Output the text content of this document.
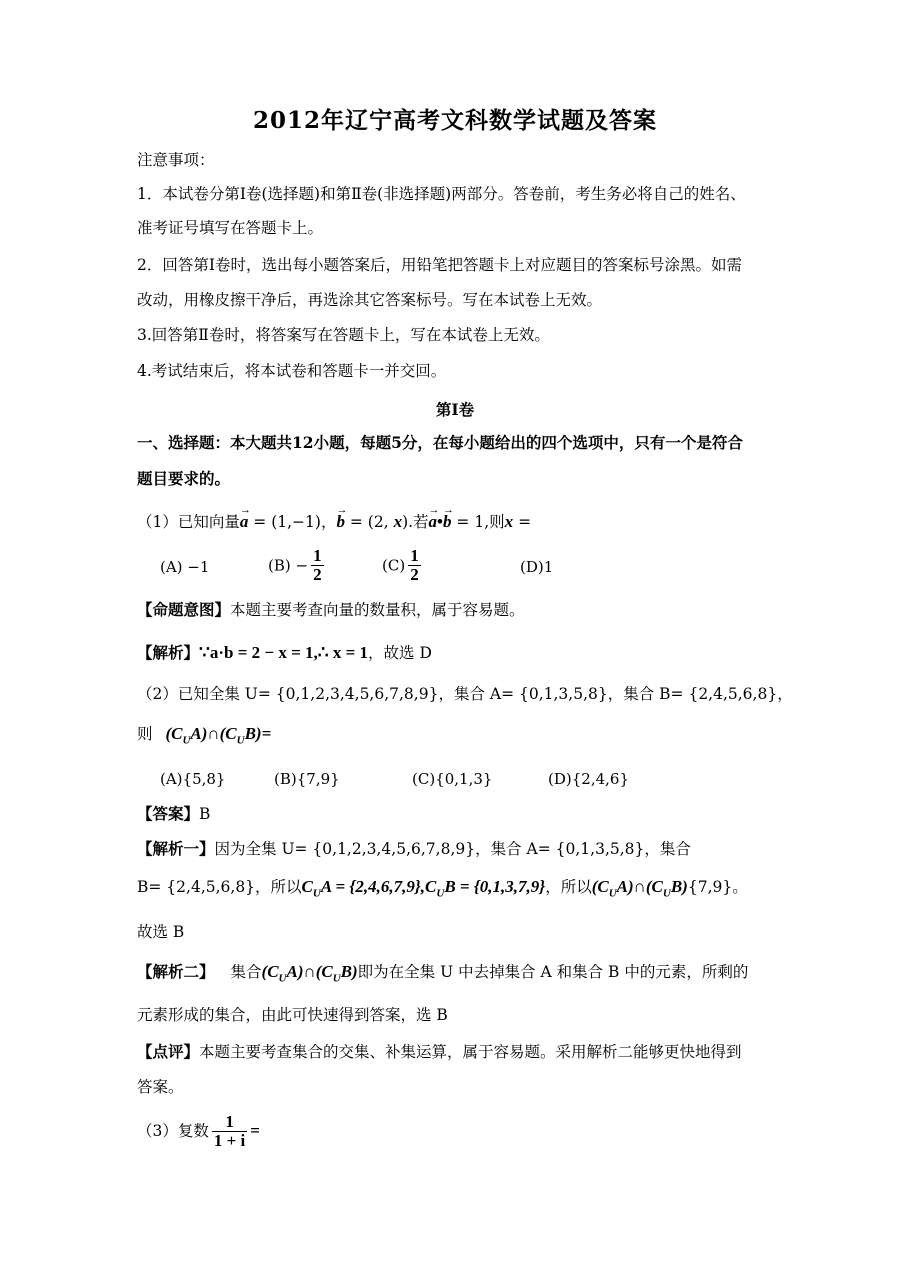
2012年辽宁高考文科数学试题及答案
注意事项：
1．本试卷分第Ⅰ卷(选择题)和第Ⅱ卷(非选择题)两部分。答卷前，考生务必将自己的姓名、
准考证号填写在答题卡上。
2．回答第Ⅰ卷时，选出每小题答案后，用铅笔把答题卡上对应题目的答案标号涂黑。如需
改动，用橡皮擦干净后，再选涂其它答案标号。写在本试卷上无效。
3.回答第Ⅱ卷时，将答案写在答题卡上，写在本试卷上无效。
4.考试结束后，将本试卷和答题卡一并交回。
第Ⅰ卷
一、选择题：本大题共12小题，每题5分，在每小题给出的四个选项中，只有一个是符合
题目要求的。
（1）已知向量→ a = (1,−1)，→ b = (2, x).若→ a•→ b = 1,则x =
(A) −1	$(B) - \frac{1}{2}$	$(C) \frac{1}{2}$	(D)1
【命题意图】本题主要考查向量的数量积，属于容易题。
【解析】∵a·b = 2 − x = 1,∴ x = 1，故选 D
（2）已知全集 U= {0,1,2,3,4,5,6,7,8,9}，集合 A= {0,1,3,5,8}，集合 B= {2,4,5,6,8}，
则 $(C_UA)\cap(C_UB)=$
(A){5,8}	(B){7,9}	(C){0,1,3}	(D){2,4,6}
【答案】B
【解析一】因为全集 U= {0,1,2,3,4,5,6,7,8,9}，集合 A= {0,1,3,5,8}，集合
B= {2,4,5,6,8}，所以$C_UA = \{2,4,6,7,9\},C_UB = \{0,1,3,7,9\}$，所以$(C_UA)\cap(C_UB)\{7,9\}$。
故选 B
【解析二】 集合$(C_UA)\cap(C_UB)$即为在全集 U 中去掉集合 A 和集合 B 中的元素，所剩的
元素形成的集合，由此可快速得到答案，选 B
【点评】本题主要考查集合的交集、补集运算，属于容易题。采用解析二能够更快地得到
答案。
（3）复数 $\frac{1}{1 + i}$ =
